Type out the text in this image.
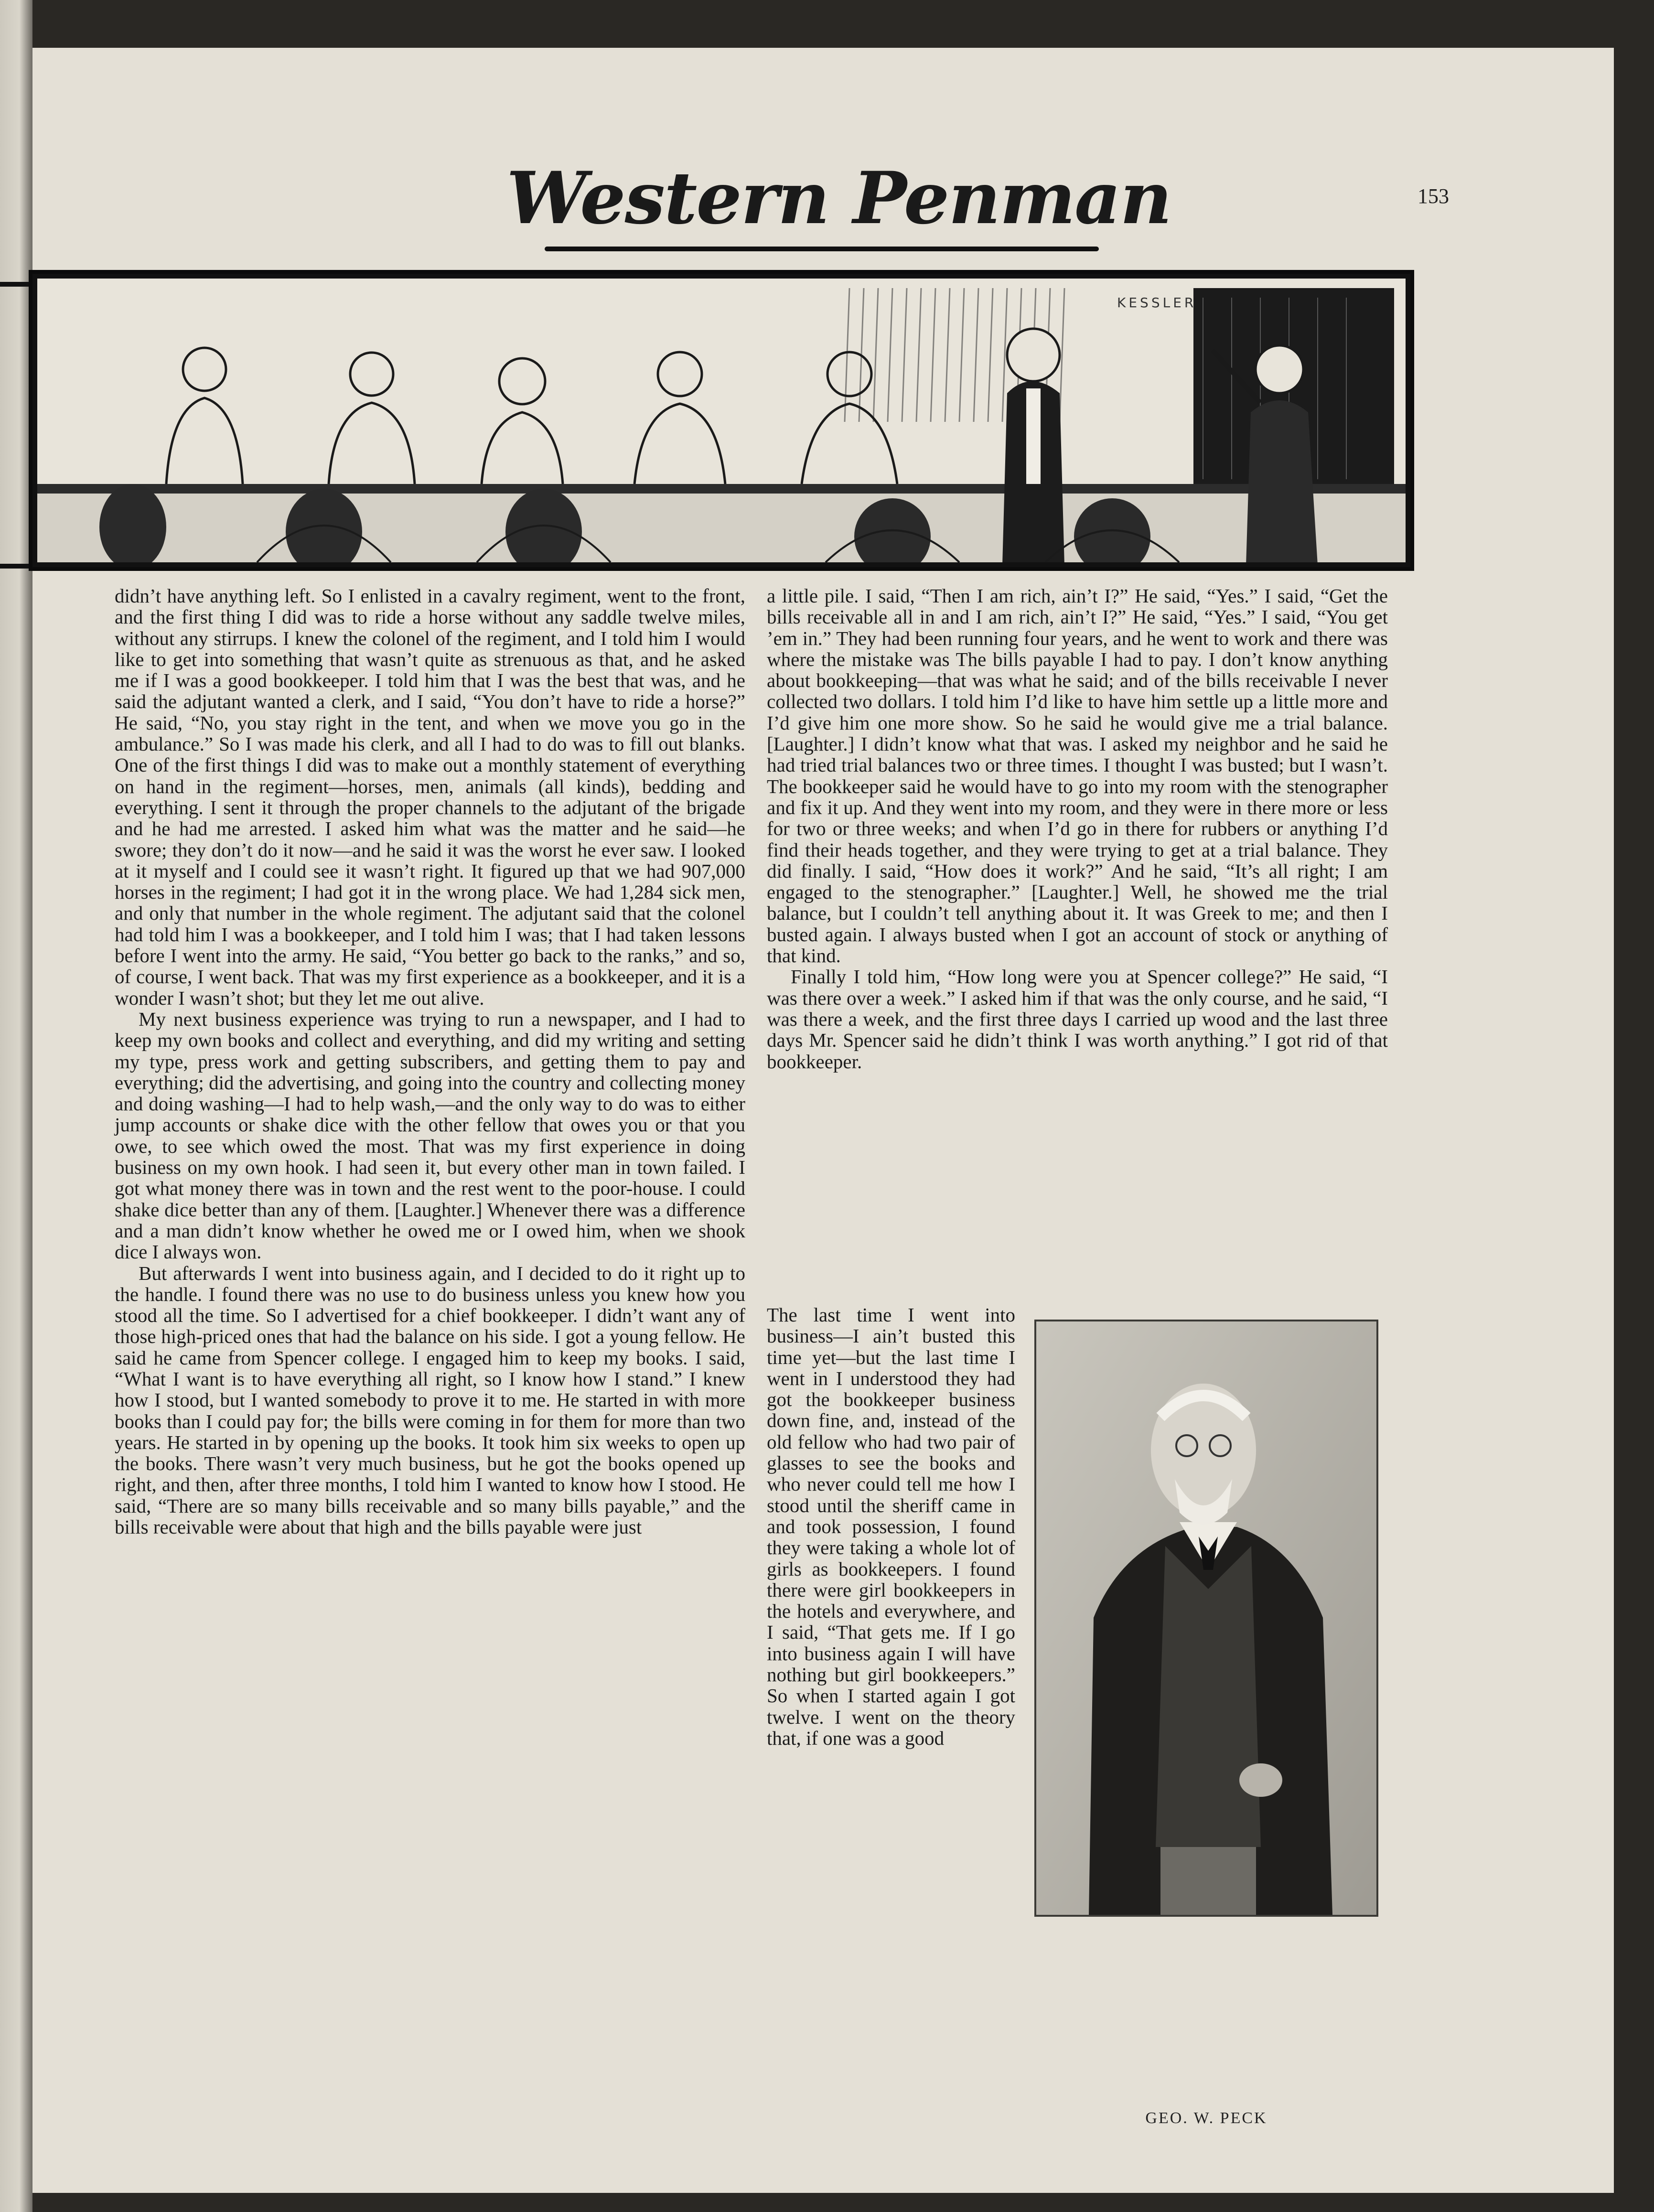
Western Penman	153
KESSLER

didn’t have anything left. So I enlisted in a cavalry regiment, went to the front, and the first thing I did was to ride a horse without any saddle twelve miles, without any stirrups. I knew the colonel of the regiment, and I told him I would like to get into something that wasn’t quite as strenuous as that, and he asked me if I was a good bookkeeper. I told him that I was the best that was, and he said the adjutant wanted a clerk, and I said, “You don’t have to ride a horse?” He said, “No, you stay right in the tent, and when we move you go in the ambulance.” So I was made his clerk, and all I had to do was to fill out blanks. One of the first things I did was to make out a monthly statement of everything on hand in the regiment—horses, men, animals (all kinds), bedding and everything. I sent it through the proper channels to the adjutant of the brigade and he had me arrested. I asked him what was the matter and he said—he swore; they don’t do it now—and he said it was the worst he ever saw. I looked at it myself and I could see it wasn’t right. It figured up that we had 907,000 horses in the regiment; I had got it in the wrong place. We had 1,284 sick men, and only that number in the whole regiment. The adjutant said that the colonel had told him I was a bookkeeper, and I told him I was; that I had taken lessons before I went into the army. He said, “You better go back to the ranks,” and so, of course, I went back. That was my first experience as a bookkeeper, and it is a wonder I wasn’t shot; but they let me out alive.

My next business experience was trying to run a newspaper, and I had to keep my own books and collect and everything, and did my writing and setting my type, press work and getting subscribers, and getting them to pay and everything; did the advertising, and going into the country and collecting money and doing washing—I had to help wash,—and the only way to do was to either jump accounts or shake dice with the other fellow that owes you or that you owe, to see which owed the most. That was my first experience in doing business on my own hook. I had seen it, but every other man in town failed. I got what money there was in town and the rest went to the poor-house. I could shake dice better than any of them. [Laughter.] Whenever there was a difference and a man didn’t know whether he owed me or I owed him, when we shook dice I always won.

But afterwards I went into business again, and I decided to do it right up to the handle. I found there was no use to do business unless you knew how you stood all the time. So I advertised for a chief bookkeeper. I didn’t want any of those high-priced ones that had the balance on his side. I got a young fellow. He said he came from Spencer college. I engaged him to keep my books. I said, “What I want is to have everything all right, so I know how I stand.” I knew how I stood, but I wanted somebody to prove it to me. He started in with more books than I could pay for; the bills were coming in for them for more than two years. He started in by opening up the books. It took him six weeks to open up the books. There wasn’t very much business, but he got the books opened up right, and then, after three months, I told him I wanted to know how I stood. He said, “There are so many bills receivable and so many bills payable,” and the bills receivable were about that high and the bills payable were just

a little pile. I said, “Then I am rich, ain’t I?” He said, “Yes.” I said, “Get the bills receivable all in and I am rich, ain’t I?” He said, “Yes.” I said, “You get ’em in.” They had been running four years, and he went to work and there was where the mistake was The bills payable I had to pay. I don’t know anything about bookkeeping—that was what he said; and of the bills receivable I never collected two dollars. I told him I’d like to have him settle up a little more and I’d give him one more show. So he said he would give me a trial balance. [Laughter.] I didn’t know what that was. I asked my neighbor and he said he had tried trial balances two or three times. I thought I was busted; but I wasn’t. The bookkeeper said he would have to go into my room with the stenographer and fix it up. And they went into my room, and they were in there more or less for two or three weeks; and when I’d go in there for rubbers or anything I’d find their heads together, and they were trying to get at a trial balance. They did finally. I said, “How does it work?” And he said, “It’s all right; I am engaged to the stenographer.” [Laughter.] Well, he showed me the trial balance, but I couldn’t tell anything about it. It was Greek to me; and then I busted again. I always busted when I got an account of stock or anything of that kind.

Finally I told him, “How long were you at Spencer college?” He said, “I was there over a week.” I asked him if that was the only course, and he said, “I was there a week, and the first three days I carried up wood and the last three days Mr. Spencer said he didn’t think I was worth anything.” I got rid of that bookkeeper.

The last time I went into business—I ain’t busted this time yet—but the last time I went in I understood they had got the bookkeeper business down fine, and, instead of the old fellow who had two pair of glasses to see the books and who never could tell me how I stood until the sheriff came in and took possession, I found they were taking a whole lot of girls as bookkeepers. I found there were girl bookkeepers in the hotels and everywhere, and I said, “That gets me. If I go into business again I will have nothing but girl bookkeepers.” So when I started again I got twelve. I went on the theory that, if one was a good

GEO. W. PECK
